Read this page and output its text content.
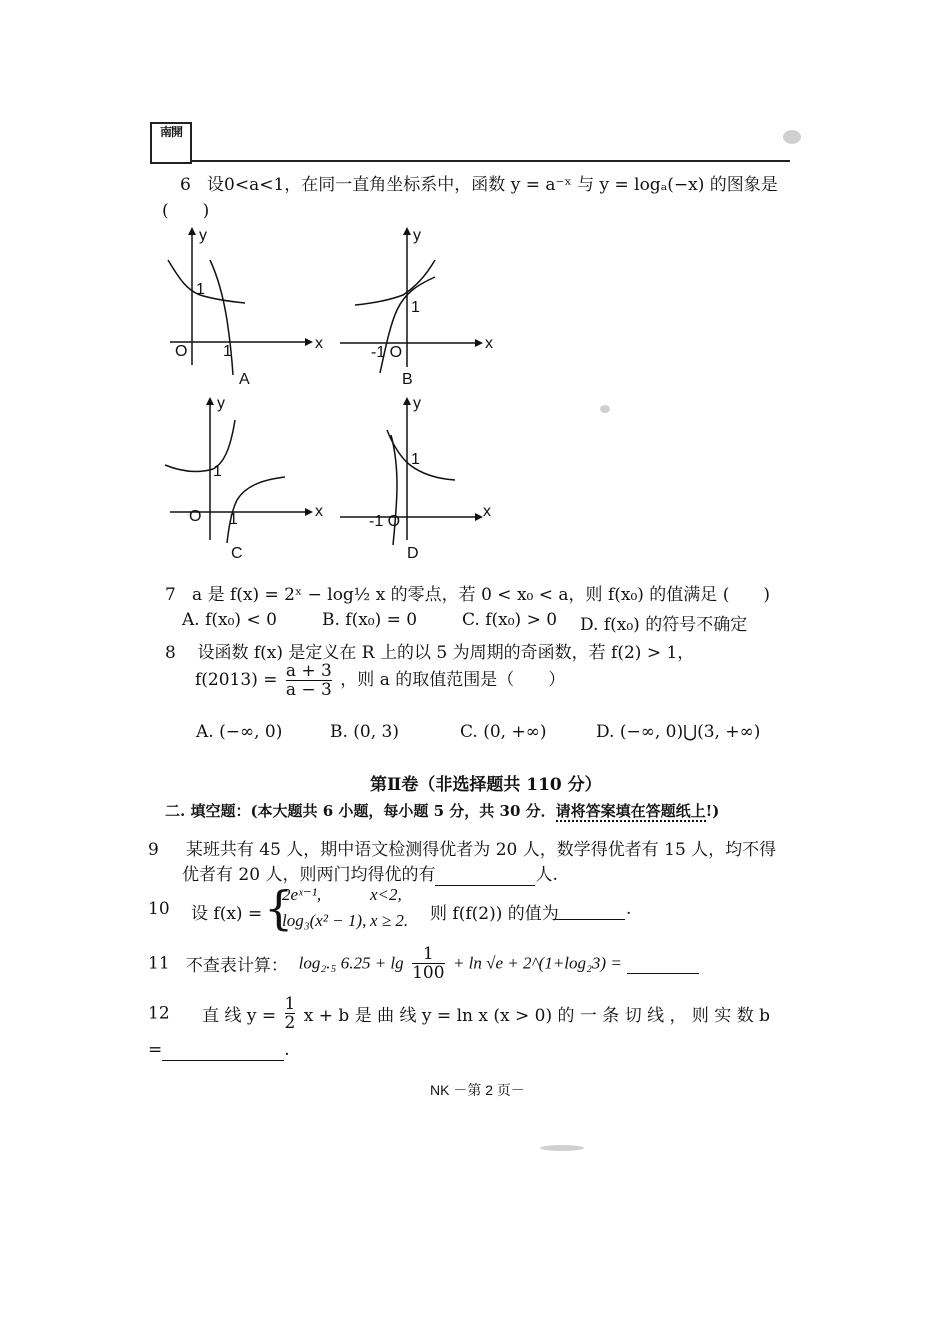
南開
6 设0<a<1，在同一直角坐标系中，函数 y = a⁻ˣ 与 y = logₐ(−x) 的图象是
(　　)
y
x
O 1
1
A
y
x
-1 O
1
B
y
x
O 1
1
C
y
x
-1 O
1
D
7 a 是 f(x) = 2ˣ − log½ x 的零点，若 0 < x₀ < a，则 f(x₀) 的值满足 (　　)
A. f(x₀) < 0	B. f(x₀) = 0	C. f(x₀) > 0 D. f(x₀) 的符号不确定
8 设函数 f(x) 是定义在 R 上的以 5 为周期的奇函数，若 f(2) > 1，
$f(2013) = \frac{a + 3}{a - 3}$ ，则 a 的取值范围是（　　）
A. (−∞, 0)	B. (0, 3)	C. (0, +∞)	D. (−∞, 0)⋃(3, +∞)
第Ⅱ卷（非选择题共 110 分）
二. 填空题：(本大题共 6 小题，每小题 5 分，共 30 分．请将答案填在答题纸上!)
9 某班共有 45 人，期中语文检测得优者为 20 人，数学得优者有 15 人，均不得
优者有 20 人，则两门均得优的有	人.
10 设 f(x) = {
2eˣ⁻¹,	x<2,
log₃(x² − 1), x ≥ 2. 则 f(f(2)) 的值为
	.
11 不查表计算： log₂.₅ $6.25 + \lg \frac{1}{100} + \ln √e$ + 2^(1+log₂3) =
12 直 线 $y = \frac{1}{2}$ x + b 是 曲 线 y = ln x (x > 0) 的 一 条 切 线 ， 则 实 数 b
=	.
NK －第 2 页－
